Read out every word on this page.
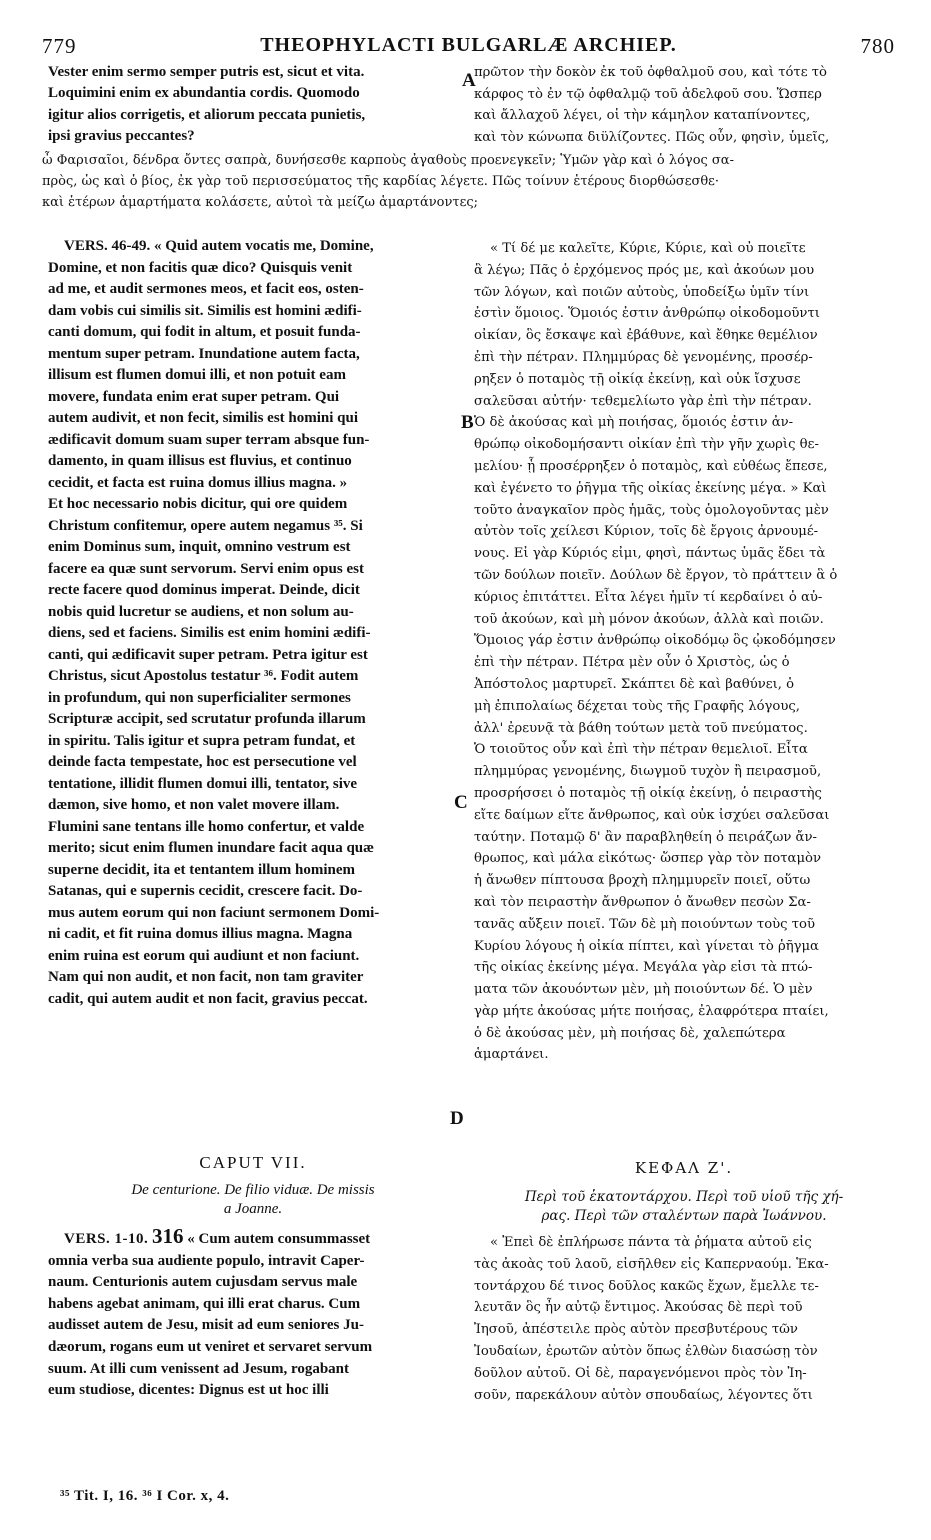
779	THEOPHYLACTI BULGARLÆ ARCHIEP.	780

Vester enim sermo semper putris est, sicut et vita.

Loquimini enim ex abundantia cordis. Quomodo

igitur alios corrigetis, et aliorum peccata punietis,

ipsi gravius peccantes?

A

πρῶτον τὴν δοκὸν ἐκ τοῦ ὀφθαλμοῦ σου, καὶ τότε τὸ

κάρφος τὸ ἐν τῷ ὀφθαλμῷ τοῦ ἀδελφοῦ σου. Ὥσπερ

καὶ ἄλλαχοῦ λέγει, οἱ τὴν κάμηλον καταπίνοντες,

καὶ τὸν κώνωπα διϋλίζοντες. Πῶς οὖν, φησὶν, ὑμεῖς,

ὦ Φαρισαῖοι, δένδρα ὄντες σαπρὰ, δυνήσεσθε καρποὺς ἀγαθοὺς προενεγκεῖν; Ὑμῶν γὰρ καὶ ὁ λόγος σα-

πρὸς, ὡς καὶ ὁ βίος, ἐκ γὰρ τοῦ περισσεύματος τῆς καρδίας λέγετε. Πῶς τοίνυν ἑτέρους διορθώσεσθε·

καὶ ἑτέρων ἁμαρτήματα κολάσετε, αὐτοὶ τὰ μείζω ἁμαρτάνοντες;

VERS. 46-49. « Quid autem vocatis me, Domine,

Domine, et non facitis quæ dico? Quisquis venit

ad me, et audit sermones meos, et facit eos, osten-

dam vobis cui similis sit. Similis est homini ædifi-

canti domum, qui fodit in altum, et posuit funda-

mentum super petram. Inundatione autem facta,

illisum est flumen domui illi, et non potuit eam

movere, fundata enim erat super petram. Qui

autem audivit, et non fecit, similis est homini qui

ædificavit domum suam super terram absque fun-

damento, in quam illisus est fluvius, et continuo

cecidit, et facta est ruina domus illius magna. »

Et hoc necessario nobis dicitur, qui ore quidem

Christum confitemur, opere autem negamus ³⁵. Si

enim Dominus sum, inquit, omnino vestrum est

facere ea quæ sunt servorum. Servi enim opus est

recte facere quod dominus imperat. Deinde, dicit

nobis quid lucretur se audiens, et non solum au-

diens, sed et faciens. Similis est enim homini ædifi-

canti, qui ædificavit super petram. Petra igitur est

Christus, sicut Apostolus testatur ³⁶. Fodit autem

in profundum, qui non superficialiter sermones

Scripturæ accipit, sed scrutatur profunda illarum

in spiritu. Talis igitur et supra petram fundat, et

deinde facta tempestate, hoc est persecutione vel

tentatione, illidit flumen domui illi, tentator, sive

dæmon, sive homo, et non valet movere illam.

Flumini sane tentans ille homo confertur, et valde

merito; sicut enim flumen inundare facit aqua quæ

superne decidit, ita et tentantem illum hominem

Satanas, qui e supernis cecidit, crescere facit. Do-

mus autem eorum qui non faciunt sermonem Domi-

ni cadit, et fit ruina domus illius magna. Magna

enim ruina est eorum qui audiunt et non faciunt.

Nam qui non audit, et non facit, non tam graviter

cadit, qui autem audit et non facit, gravius peccat.

B
C
D

« Τί δέ με καλεῖτε, Κύριε, Κύριε, καὶ οὐ ποιεῖτε

ἃ λέγω; Πᾶς ὁ ἐρχόμενος πρός με, καὶ ἀκούων μου

τῶν λόγων, καὶ ποιῶν αὐτοὺς, ὑποδείξω ὑμῖν τίνι

ἐστὶν ὅμοιος. Ὅμοιός ἐστιν ἀνθρώπῳ οἰκοδομοῦντι

οἰκίαν, ὃς ἔσκαψε καὶ ἐβάθυνε, καὶ ἔθηκε θεμέλιον

ἐπὶ τὴν πέτραν. Πλημμύρας δὲ γενομένης, προσέρ-

ρηξεν ὁ ποταμὸς τῇ οἰκίᾳ ἐκείνῃ, καὶ οὐκ ἴσχυσε

σαλεῦσαι αὐτήν· τεθεμελίωτο γὰρ ἐπὶ τὴν πέτραν.

Ὁ δὲ ἀκούσας καὶ μὴ ποιήσας, ὅμοιός ἐστιν ἀν-

θρώπῳ οἰκοδομήσαντι οἰκίαν ἐπὶ τὴν γῆν χωρὶς θε-

μελίου· ᾗ προσέρρηξεν ὁ ποταμὸς, καὶ εὐθέως ἔπεσε,

καὶ ἐγένετο το ῥῆγμα τῆς οἰκίας ἐκείνης μέγα. » Καὶ

τοῦτο ἀναγκαῖον πρὸς ἡμᾶς, τοὺς ὁμολογοῦντας μὲν

αὐτὸν τοῖς χείλεσι Κύριον, τοῖς δὲ ἔργοις ἀρνουμέ-

νους. Εἰ γὰρ Κύριός εἰμι, φησὶ, πάντως ὑμᾶς ἔδει τὰ

τῶν δούλων ποιεῖν. Δούλων δὲ ἔργον, τὸ πράττειν ἃ ὁ

κύριος ἐπιτάττει. Εἶτα λέγει ἡμῖν τί κερδαίνει ὁ αὐ-

τοῦ ἀκούων, καὶ μὴ μόνον ἀκούων, ἀλλὰ καὶ ποιῶν.

Ὅμοιος γάρ ἐστιν ἀνθρώπῳ οἰκοδόμῳ ὃς ᾠκοδόμησεν

ἐπὶ τὴν πέτραν. Πέτρα μὲν οὖν ὁ Χριστὸς, ὡς ὁ

Ἀπόστολος μαρτυρεῖ. Σκάπτει δὲ καὶ βαθύνει, ὁ

μὴ ἐπιπολαίως δέχεται τοὺς τῆς Γραφῆς λόγους,

ἀλλ' ἐρευνᾷ τὰ βάθη τούτων μετὰ τοῦ πνεύματος.

Ὁ τοιοῦτος οὖν καὶ ἐπὶ τὴν πέτραν θεμελιοῖ. Εἶτα

πλημμύρας γενομένης, διωγμοῦ τυχὸν ἢ πειρασμοῦ,

προσρήσσει ὁ ποταμὸς τῇ οἰκίᾳ ἐκείνῃ, ὁ πειραστὴς

εἴτε δαίμων εἴτε ἄνθρωπος, καὶ οὐκ ἰσχύει σαλεῦσαι

ταύτην. Ποταμῷ δ' ἂν παραβληθείη ὁ πειράζων ἄν-

θρωπος, καὶ μάλα εἰκότως· ὥσπερ γὰρ τὸν ποταμὸν

ἡ ἄνωθεν πίπτουσα βροχὴ πλημμυρεῖν ποιεῖ, οὕτω

καὶ τὸν πειραστὴν ἄνθρωπον ὁ ἄνωθεν πεσὼν Σα-

τανᾶς αὔξειν ποιεῖ. Τῶν δὲ μὴ ποιούντων τοὺς τοῦ

Κυρίου λόγους ἡ οἰκία πίπτει, καὶ γίνεται τὸ ῥῆγμα

τῆς οἰκίας ἐκείνης μέγα. Μεγάλα γὰρ εἰσι τὰ πτώ-

ματα τῶν ἀκουόντων μὲν, μὴ ποιούντων δέ. Ὁ μὲν

γὰρ μήτε ἀκούσας μήτε ποιήσας, ἐλαφρότερα πταίει,

ὁ δὲ ἀκούσας μὲν, μὴ ποιήσας δὲ, χαλεπώτερα

ἁμαρτάνει.

CAPUT VII.

De centurione. De filio viduæ. De missis

a Joanne.

ΚΕΦΑΛ Ζ'.

Περὶ τοῦ ἑκατοντάρχου. Περὶ τοῦ υἱοῦ τῆς χή-

ρας. Περὶ τῶν σταλέντων παρὰ Ἰωάννου.

VERS. 1-10. 316 « Cum autem consummasset

omnia verba sua audiente populo, intravit Caper-

naum. Centurionis autem cujusdam servus male

habens agebat animam, qui illi erat charus. Cum

audisset autem de Jesu, misit ad eum seniores Ju-

dæorum, rogans eum ut veniret et servaret servum

suum. At illi cum venissent ad Jesum, rogabant

eum studiose, dicentes: Dignus est ut hoc illi

« Ἐπεὶ δὲ ἐπλήρωσε πάντα τὰ ῥήματα αὐτοῦ εἰς

τὰς ἀκοὰς τοῦ λαοῦ, εἰσῆλθεν εἰς Καπερναούμ. Ἑκα-

τοντάρχου δέ τινος δοῦλος κακῶς ἔχων, ἔμελλε τε-

λευτᾶν ὃς ἦν αὐτῷ ἔντιμος. Ἀκούσας δὲ περὶ τοῦ

Ἰησοῦ, ἀπέστειλε πρὸς αὐτὸν πρεσβυτέρους τῶν

Ἰουδαίων, ἐρωτῶν αὐτὸν ὅπως ἐλθὼν διασώσῃ τὸν

δοῦλον αὐτοῦ. Οἱ δὲ, παραγενόμενοι πρὸς τὸν Ἰη-

σοῦν, παρεκάλουν αὐτὸν σπουδαίως, λέγοντες ὅτι

³⁵ Tit. I, 16. ³⁶ I Cor. x, 4.
